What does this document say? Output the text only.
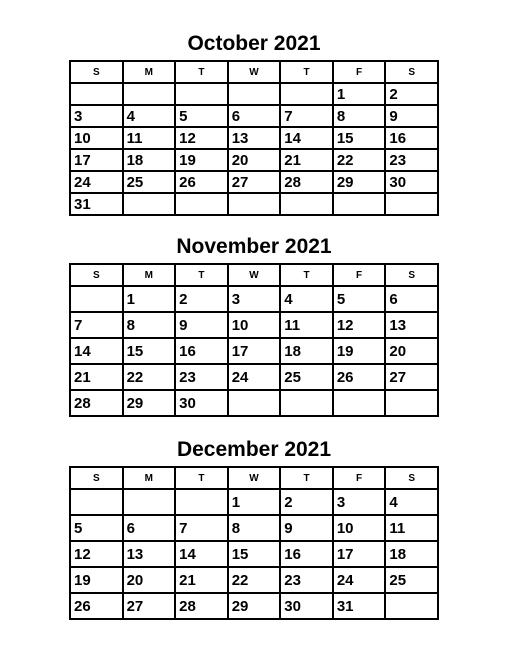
October 2021
S	M	T	W	T	F	S
					1	2
3	4	5	6	7	8	9
10	11	12	13	14	15	16
17	18	19	20	21	22	23
24	25	26	27	28	29	30
31						
November 2021
S	M	T	W	T	F	S
	1	2	3	4	5	6
7	8	9	10	11	12	13
14	15	16	17	18	19	20
21	22	23	24	25	26	27
28	29	30				
December 2021
S	M	T	W	T	F	S
			1	2	3	4
5	6	7	8	9	10	11
12	13	14	15	16	17	18
19	20	21	22	23	24	25
26	27	28	29	30	31	
